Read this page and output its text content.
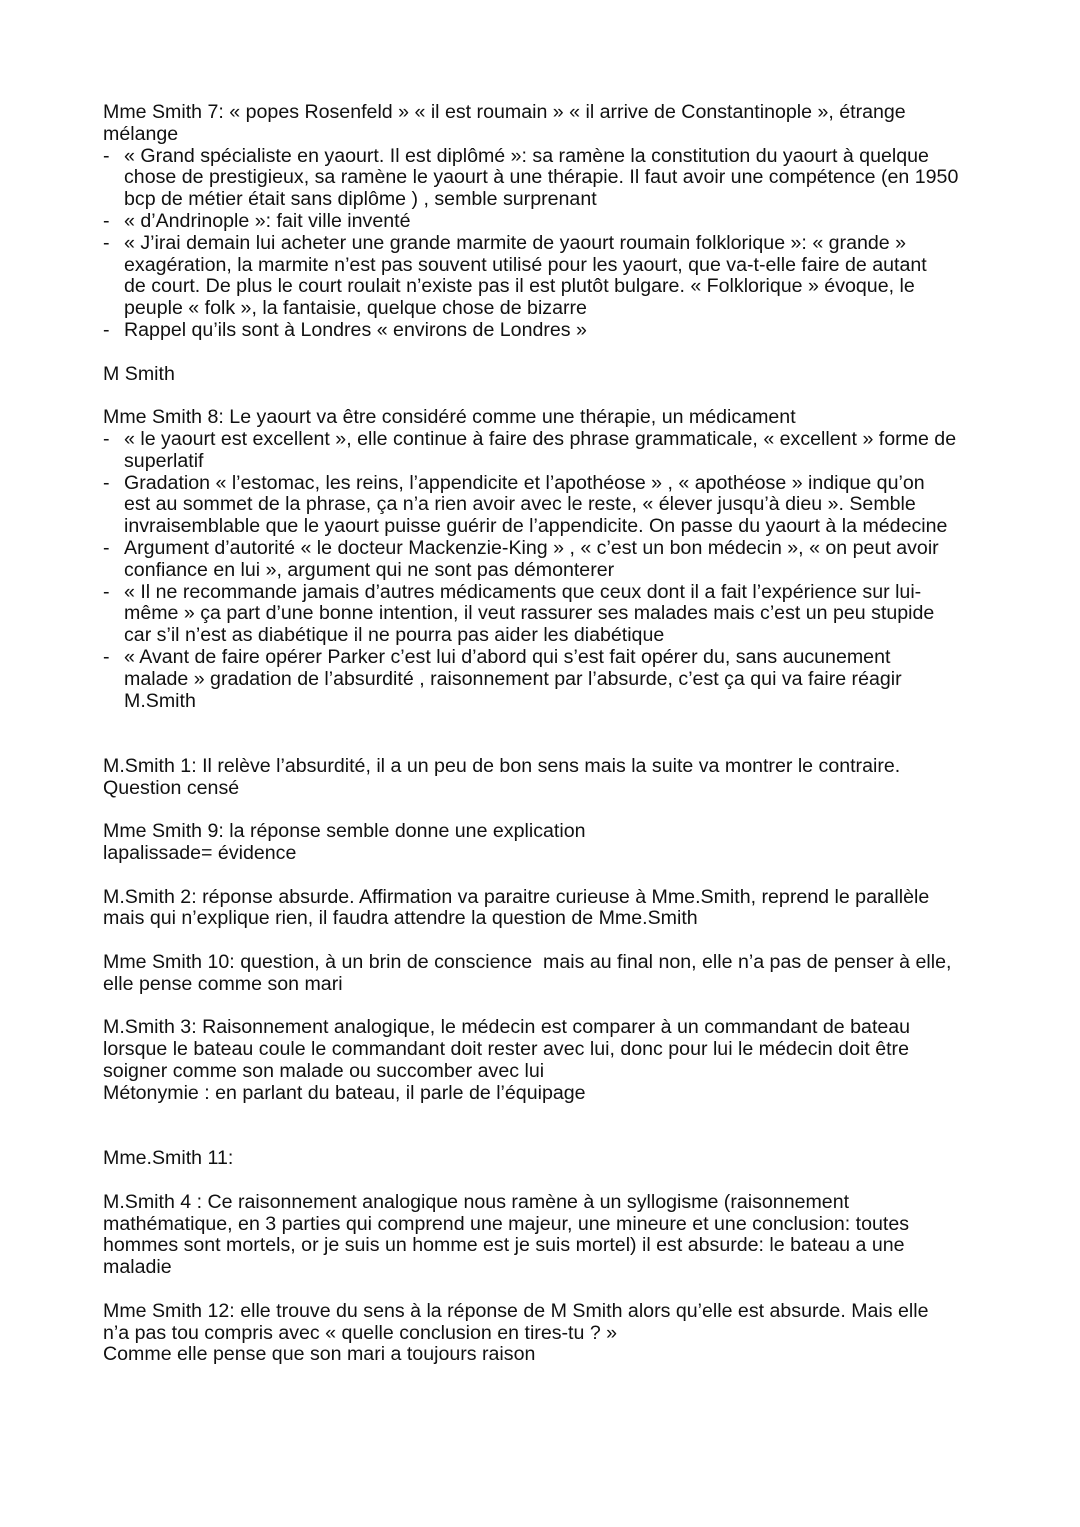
Mme Smith 7: « popes Rosenfeld » « il est roumain » « il arrive de Constantinople », étrange
mélange
- « Grand spécialiste en yaourt. Il est diplômé »: sa ramène la constitution du yaourt à quelque
chose de prestigieux, sa ramène le yaourt à une thérapie. Il faut avoir une compétence (en 1950
bcp de métier était sans diplôme ) , semble surprenant
- « d’Andrinople »: fait ville inventé
- « J’irai demain lui acheter une grande marmite de yaourt roumain folklorique »: « grande »
exagération, la marmite n’est pas souvent utilisé pour les yaourt, que va-t-elle faire de autant
de court. De plus le court roulait n’existe pas il est plutôt bulgare. « Folklorique » évoque, le
peuple « folk », la fantaisie, quelque chose de bizarre
- Rappel qu’ils sont à Londres « environs de Londres »
M Smith
Mme Smith 8: Le yaourt va être considéré comme une thérapie, un médicament
- « le yaourt est excellent », elle continue à faire des phrase grammaticale, « excellent » forme de
superlatif
- Gradation « l’estomac, les reins, l’appendicite et l’apothéose » , « apothéose » indique qu’on
est au sommet de la phrase, ça n’a rien avoir avec le reste, « élever jusqu’à dieu ». Semble
invraisemblable que le yaourt puisse guérir de l’appendicite. On passe du yaourt à la médecine
- Argument d’autorité « le docteur Mackenzie-King » , « c’est un bon médecin », « on peut avoir
confiance en lui », argument qui ne sont pas démonterer
- « Il ne recommande jamais d’autres médicaments que ceux dont il a fait l’expérience sur lui-
même » ça part d’une bonne intention, il veut rassurer ses malades mais c’est un peu stupide
car s’il n’est as diabétique il ne pourra pas aider les diabétique
- « Avant de faire opérer Parker c’est lui d’abord qui s’est fait opérer du, sans aucunement
malade » gradation de l’absurdité , raisonnement par l’absurde, c’est ça qui va faire réagir
M.Smith
M.Smith 1: Il relève l’absurdité, il a un peu de bon sens mais la suite va montrer le contraire.
Question censé
Mme Smith 9: la réponse semble donne une explication
lapalissade= évidence
M.Smith 2: réponse absurde. Affirmation va paraitre curieuse à Mme.Smith, reprend le parallèle
mais qui n’explique rien, il faudra attendre la question de Mme.Smith
Mme Smith 10: question, à un brin de conscience  mais au final non, elle n’a pas de penser à elle,
elle pense comme son mari
M.Smith 3: Raisonnement analogique, le médecin est comparer à un commandant de bateau
lorsque le bateau coule le commandant doit rester avec lui, donc pour lui le médecin doit être
soigner comme son malade ou succomber avec lui
Métonymie : en parlant du bateau, il parle de l’équipage
Mme.Smith 11:
M.Smith 4 : Ce raisonnement analogique nous ramène à un syllogisme (raisonnement
mathématique, en 3 parties qui comprend une majeur, une mineure et une conclusion: toutes
hommes sont mortels, or je suis un homme est je suis mortel) il est absurde: le bateau a une
maladie
Mme Smith 12: elle trouve du sens à la réponse de M Smith alors qu’elle est absurde. Mais elle
n’a pas tou compris avec « quelle conclusion en tires-tu ? »
Comme elle pense que son mari a toujours raison
